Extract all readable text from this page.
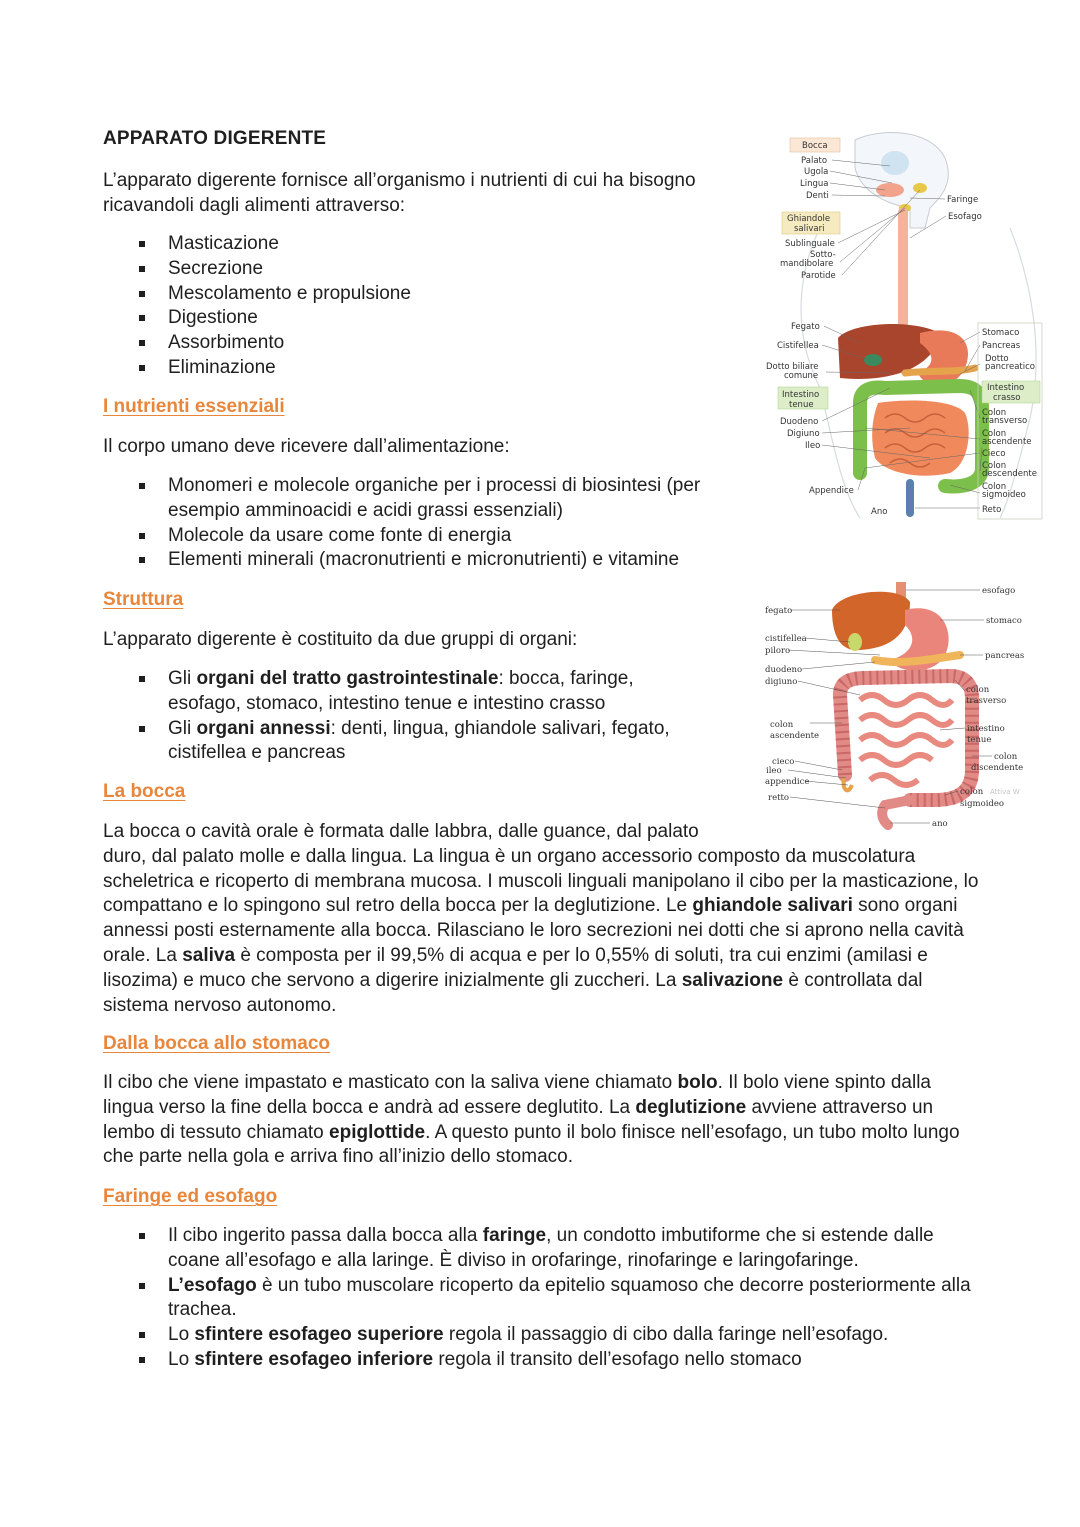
APPARATO DIGERENTE
L’apparato digerente fornisce all’organismo i nutrienti di cui ha bisogno ricavandoli dagli alimenti attraverso:
Masticazione
Secrezione
Mescolamento e propulsione
Digestione
Assorbimento
Eliminazione
I nutrienti essenziali
Il corpo umano deve ricevere dall’alimentazione:
Monomeri e molecole organiche per i processi di biosintesi (per esempio amminoacidi e acidi grassi essenziali)
Molecole da usare come fonte di energia
Elementi minerali (macronutrienti e micronutrienti) e vitamine
Struttura
L’apparato digerente è costituito da due gruppi di organi:
Gli organi del tratto gastrointestinale: bocca, faringe, esofago, stomaco, intestino tenue e intestino crasso
Gli organi annessi: denti, lingua, ghiandole salivari, fegato, cistifellea e pancreas
La bocca
La bocca o cavità orale è formata dalle labbra, dalle guance, dal palato
duro, dal palato molle e dalla lingua. La lingua è un organo accessorio composto da muscolatura scheletrica e ricoperto di membrana mucosa. I muscoli linguali manipolano il cibo per la masticazione, lo compattano e lo spingono sul retro della bocca per la deglutizione. Le ghiandole salivari sono organi annessi posti esternamente alla bocca. Rilasciano le loro secrezioni nei dotti che si aprono nella cavità orale. La saliva è composta per il 99,5% di acqua e per lo 0,55% di soluti, tra cui enzimi (amilasi e lisozima) e muco che servono a digerire inizialmente gli zuccheri. La salivazione è controllata dal sistema nervoso autonomo.
Dalla bocca allo stomaco
Il cibo che viene impastato e masticato con la saliva viene chiamato bolo. Il bolo viene spinto dalla lingua verso la fine della bocca e andrà ad essere deglutito. La deglutizione avviene attraverso un lembo di tessuto chiamato epiglottide. A questo punto il bolo finisce nell’esofago, un tubo molto lungo che parte nella gola e arriva fino all’inizio dello stomaco.
Faringe ed esofago
Il cibo ingerito passa dalla bocca alla faringe, un condotto imbutiforme che si estende dalle coane all’esofago e alla laringe. È diviso in orofaringe, rinofaringe e laringofaringe.
L’esofago è un tubo muscolare ricoperto da epitelio squamoso che decorre posteriormente alla trachea.
Lo sfintere esofageo superiore regola il passaggio di cibo dalla faringe nell’esofago.
Lo sfintere esofageo inferiore regola il transito dell’esofago nello stomaco
Bocca
Palato
Ugola
Lingua
Denti
Ghiandole salivari
Sublinguale
Sotto-
mandibolare
Parotide
Fegato
Cistifellea
Dotto biliare
comune
Intestino
tenue
Duodeno
Digiuno
Ileo
Appendice
Ano
Faringe
Esofago
Stomaco
Pancreas
Dotto
pancreatico
Intestino
crasso
Colon
transverso
Colon
ascendente
Cieco
Colon
descendente
Colon
sigmoideo
Reto
esofago
fegato
stomaco
cistifellea
piloro	pancreas
duodeno
digiuno
colon
trasverso
colon
ascendente
intestino
tenue
colon
discendente
cieco
ileo
appendice
retto
colon
sigmoideo
ano
Attiva W
